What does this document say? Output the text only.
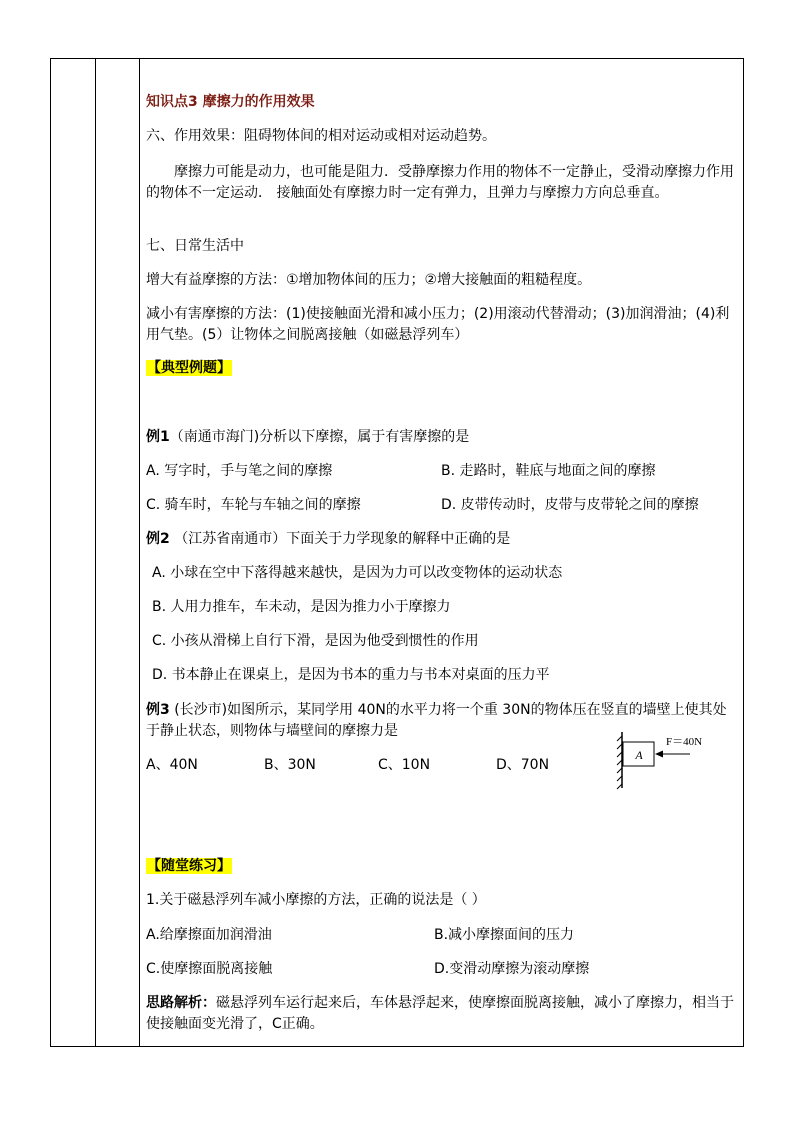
知识点3 摩擦力的作用效果
六、作用效果：阻碍物体间的相对运动或相对运动趋势。
摩擦力可能是动力，也可能是阻力．受静摩擦力作用的物体不一定静止，受滑动摩擦力作用的物体不一定运动． 接触面处有摩擦力时一定有弹力，且弹力与摩擦力方向总垂直。
七、日常生活中
增大有益摩擦的方法：①增加物体间的压力；②增大接触面的粗糙程度。
减小有害摩擦的方法：(1)使接触面光滑和减小压力；(2)用滚动代替滑动；(3)加润滑油；(4)利用气垫。(5）让物体之间脱离接触（如磁悬浮列车）
【典型例题】
例1（南通市海门)分析以下摩擦，属于有害摩擦的是
A. 写字时，手与笔之间的摩擦	B. 走路时，鞋底与地面之间的摩擦
C. 骑车时，车轮与车轴之间的摩擦	D. 皮带传动时，皮带与皮带轮之间的摩擦
例2 （江苏省南通市）下面关于力学现象的解释中正确的是
A. 小球在空中下落得越来越快，是因为力可以改变物体的运动状态
B. 人用力推车，车未动，是因为推力小于摩擦力
C. 小孩从滑梯上自行下滑，是因为他受到惯性的作用
D. 书本静止在课桌上，是因为书本的重力与书本对桌面的压力平
例3 (长沙市)如图所示，某同学用 40N的水平力将一个重 30N的物体压在竖直的墙壁上使其处于静止状态，则物体与墙壁间的摩擦力是
A、40N	B、30N	C、10N	D、70N
A
F＝40N
【随堂练习】
1.关于磁悬浮列车减小摩擦的方法，正确的说法是（ ）
A.给摩擦面加润滑油	B.减小摩擦面间的压力
C.使摩擦面脱离接触	D.变滑动摩擦为滚动摩擦
思路解析：磁悬浮列车运行起来后，车体悬浮起来，使摩擦面脱离接触，减小了摩擦力，相当于使接触面变光滑了，C正确。
